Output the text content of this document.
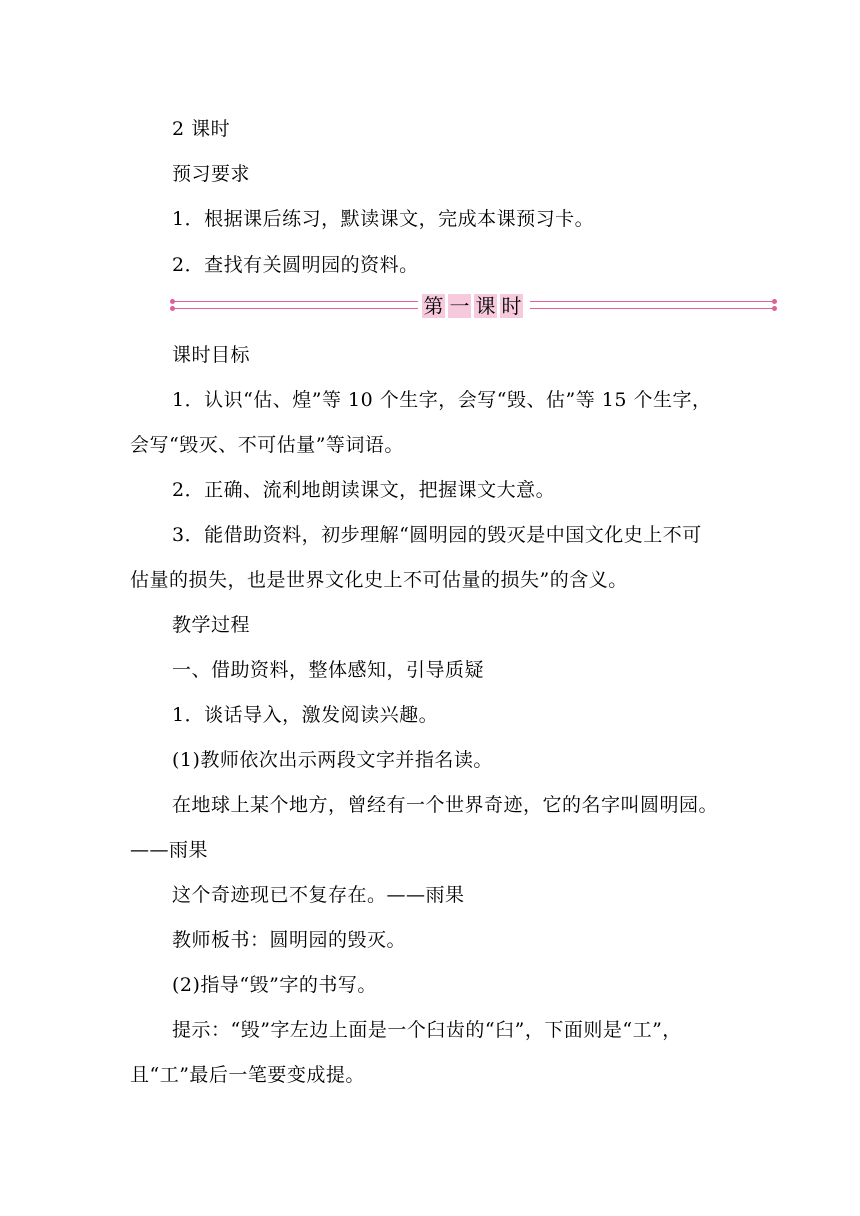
2 课时
预习要求
1．根据课后练习，默读课文，完成本课预习卡。
2．查找有关圆明园的资料。
第 一 课 时
课时目标
1．认识“估、煌”等 10 个生字，会写“毁、估”等 15 个生字，
会写“毁灭、不可估量”等词语。
2．正确、流利地朗读课文，把握课文大意。
3．能借助资料，初步理解“圆明园的毁灭是中国文化史上不可
估量的损失，也是世界文化史上不可估量的损失”的含义。
教学过程
一、借助资料，整体感知，引导质疑
1．谈话导入，激发阅读兴趣。
(1)教师依次出示两段文字并指名读。
在地球上某个地方，曾经有一个世界奇迹，它的名字叫圆明园。
——雨果
这个奇迹现已不复存在。——雨果
教师板书：圆明园的毁灭。
(2)指导“毁”字的书写。
提示：“毁”字左边上面是一个臼齿的“臼”，下面则是“工”，
且“工”最后一笔要变成提。
